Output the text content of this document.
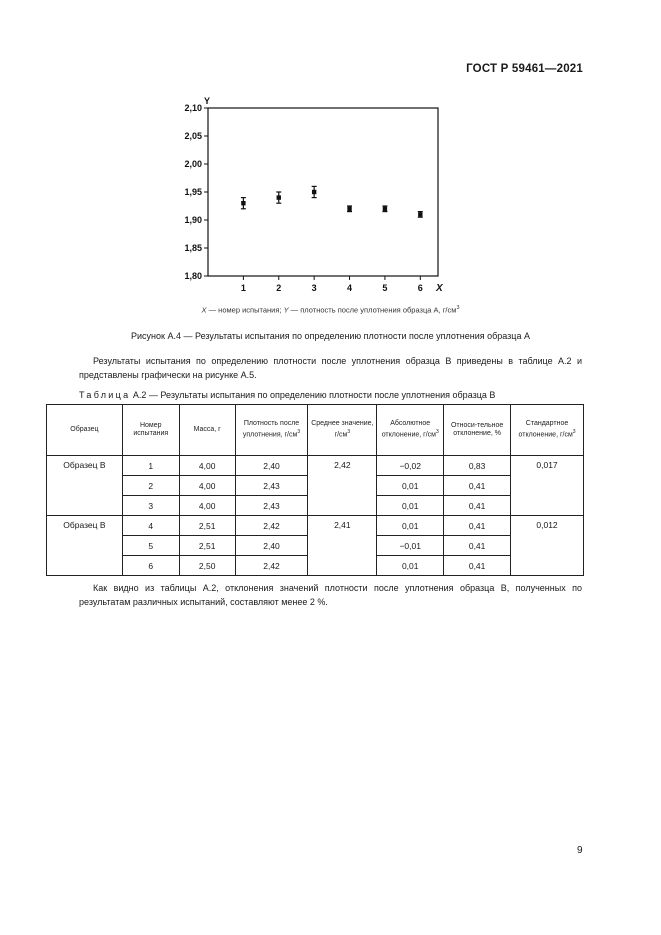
ГОСТ Р 59461—2021
1,80
1,85
1,90
1,95
2,00
2,05
2,10
1	2	3	4	5	6
Y
X
X — номер испытания; Y — плотность после уплотнения образца А, $г/см^3$
Рисунок А.4 — Результаты испытания по определению плотности после уплотнения образца А
Результаты испытания по определению плотности после уплотнения образца В приведены в таблице А.2 и представлены графически на рисунке А.5.
Таблица А.2 — Результаты испытания по определению плотности после уплотнения образца В
Образец	Номер испытания	Масса, г	Плотность после уплотнения, $г/см^3$	Среднее значение, $г/см^3$	Абсолютное отклонение, $г/см^3$	Относи-тельное отклонение, %	Стандартное отклонение, $г/см^3$
Образец В	1	4,00	2,40	2,42	−0,02	0,83	0,017
	2	4,00	2,43		0,01	0,41	
	3	4,00	2,43		0,01	0,41	
Образец В	4	2,51	2,42	2,41	0,01	0,41	0,012
	5	2,51	2,40		−0,01	0,41	
	6	2,50	2,42		0,01	0,41	
Как видно из таблицы А.2, отклонения значений плотности после уплотнения образца В, полученных по результатам различных испытаний, составляют менее 2 %.
9
